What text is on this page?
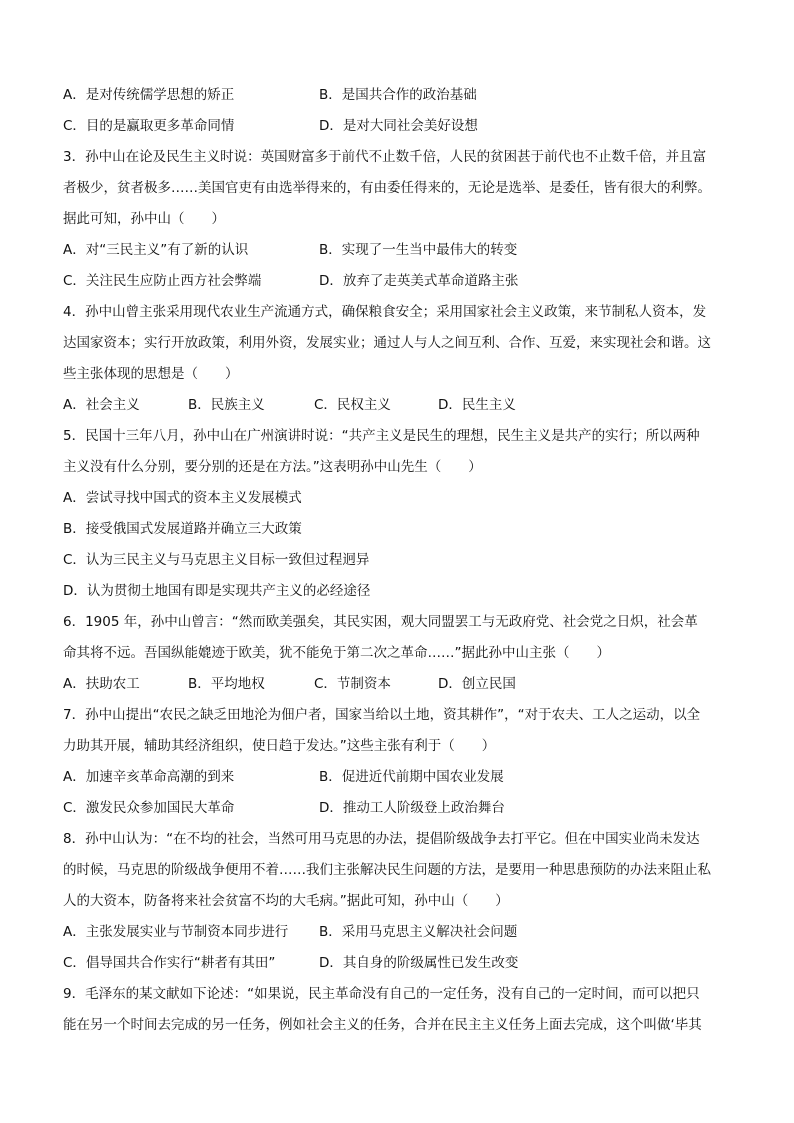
A．是对传统儒学思想的矫正	B．是国共合作的政治基础
C．目的是赢取更多革命同情	D．是对大同社会美好设想
3．孙中山在论及民生主义时说：英国财富多于前代不止数千倍，人民的贫困甚于前代也不止数千倍，并且富
者极少，贫者极多……美国官吏有由选举得来的，有由委任得来的，无论是选举、是委任，皆有很大的利弊。
据此可知，孙中山（　　）
A．对“三民主义”有了新的认识	B．实现了一生当中最伟大的转变
C．关注民生应防止西方社会弊端	D．放弃了走英美式革命道路主张
4．孙中山曾主张采用现代农业生产流通方式，确保粮食安全；采用国家社会主义政策，来节制私人资本，发
达国家资本；实行开放政策，利用外资，发展实业；通过人与人之间互利、合作、互爱，来实现社会和谐。这
些主张体现的思想是（　　）
A．社会主义	B．民族主义	C．民权主义	D．民生主义
5．民国十三年八月，孙中山在广州演讲时说：“共产主义是民生的理想，民生主义是共产的实行；所以两种
主义没有什么分别，要分别的还是在方法。”这表明孙中山先生（　　）
A．尝试寻找中国式的资本主义发展模式
B．接受俄国式发展道路并确立三大政策
C．认为三民主义与马克思主义目标一致但过程迥异
D．认为贯彻土地国有即是实现共产主义的必经途径
6．1905 年，孙中山曾言：“然而欧美强矣，其民实困，观大同盟罢工与无政府党、社会党之日炽，社会革
命其将不远。吾国纵能媲迹于欧美，犹不能免于第二次之革命……”据此孙中山主张（　　）
A．扶助农工	B．平均地权	C．节制资本	D．创立民国
7．孙中山提出“农民之缺乏田地沦为佃户者，国家当给以土地，资其耕作”，“对于农夫、工人之运动，以全
力助其开展，辅助其经济组织，使日趋于发达。”这些主张有利于（　　）
A．加速辛亥革命高潮的到来	B．促进近代前期中国农业发展
C．激发民众参加国民大革命	D．推动工人阶级登上政治舞台
8．孙中山认为：“在不均的社会，当然可用马克思的办法，提倡阶级战争去打平它。但在中国实业尚未发达
的时候，马克思的阶级战争便用不着……我们主张解决民生问题的方法，是要用一种思患预防的办法来阻止私
人的大资本，防备将来社会贫富不均的大毛病。”据此可知，孙中山（　　）
A．主张发展实业与节制资本同步进行 B．采用马克思主义解决社会问题
C．倡导国共合作实行“耕者有其田”	D．其自身的阶级属性已发生改变
9．毛泽东的某文献如下论述：“如果说，民主革命没有自己的一定任务，没有自己的一定时间，而可以把只
能在另一个时间去完成的另一任务，例如社会主义的任务，合并在民主主义任务上面去完成，这个叫做‘毕其
